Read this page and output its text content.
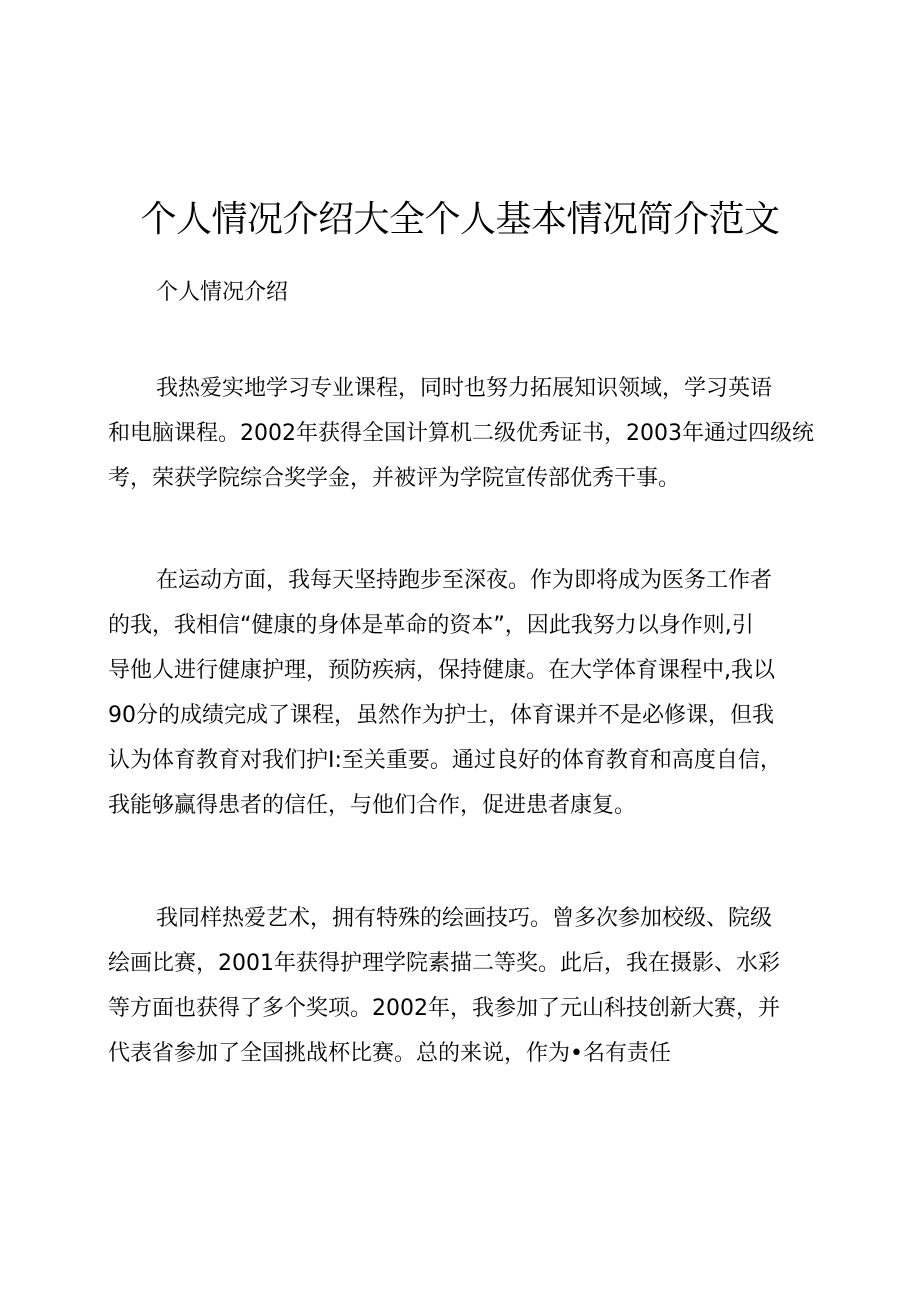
个人情况介绍大全个人基本情况简介范文
个人情况介绍
我热爱实地学习专业课程，同时也努力拓展知识领域，学习英语
和电脑课程。2002年获得全国计算机二级优秀证书，2003年通过四级统
考，荣获学院综合奖学金，并被评为学院宣传部优秀干事。
在运动方面，我每天坚持跑步至深夜。作为即将成为医务工作者
的我，我相信“健康的身体是革命的资本”，因此我努力以身作则,引
导他人进行健康护理，预防疾病，保持健康。在大学体育课程中,我以
90分的成绩完成了课程，虽然作为护士，体育课并不是必修课，但我
认为体育教育对我们护I:至关重要。通过良好的体育教育和高度自信，
我能够赢得患者的信任，与他们合作，促进患者康复。
我同样热爱艺术，拥有特殊的绘画技巧。曾多次参加校级、院级
绘画比赛，2001年获得护理学院素描二等奖。此后，我在摄影、水彩
等方面也获得了多个奖项。2002年，我参加了元山科技创新大赛，并
代表省参加了全国挑战杯比赛。总的来说，作为•名有责任
